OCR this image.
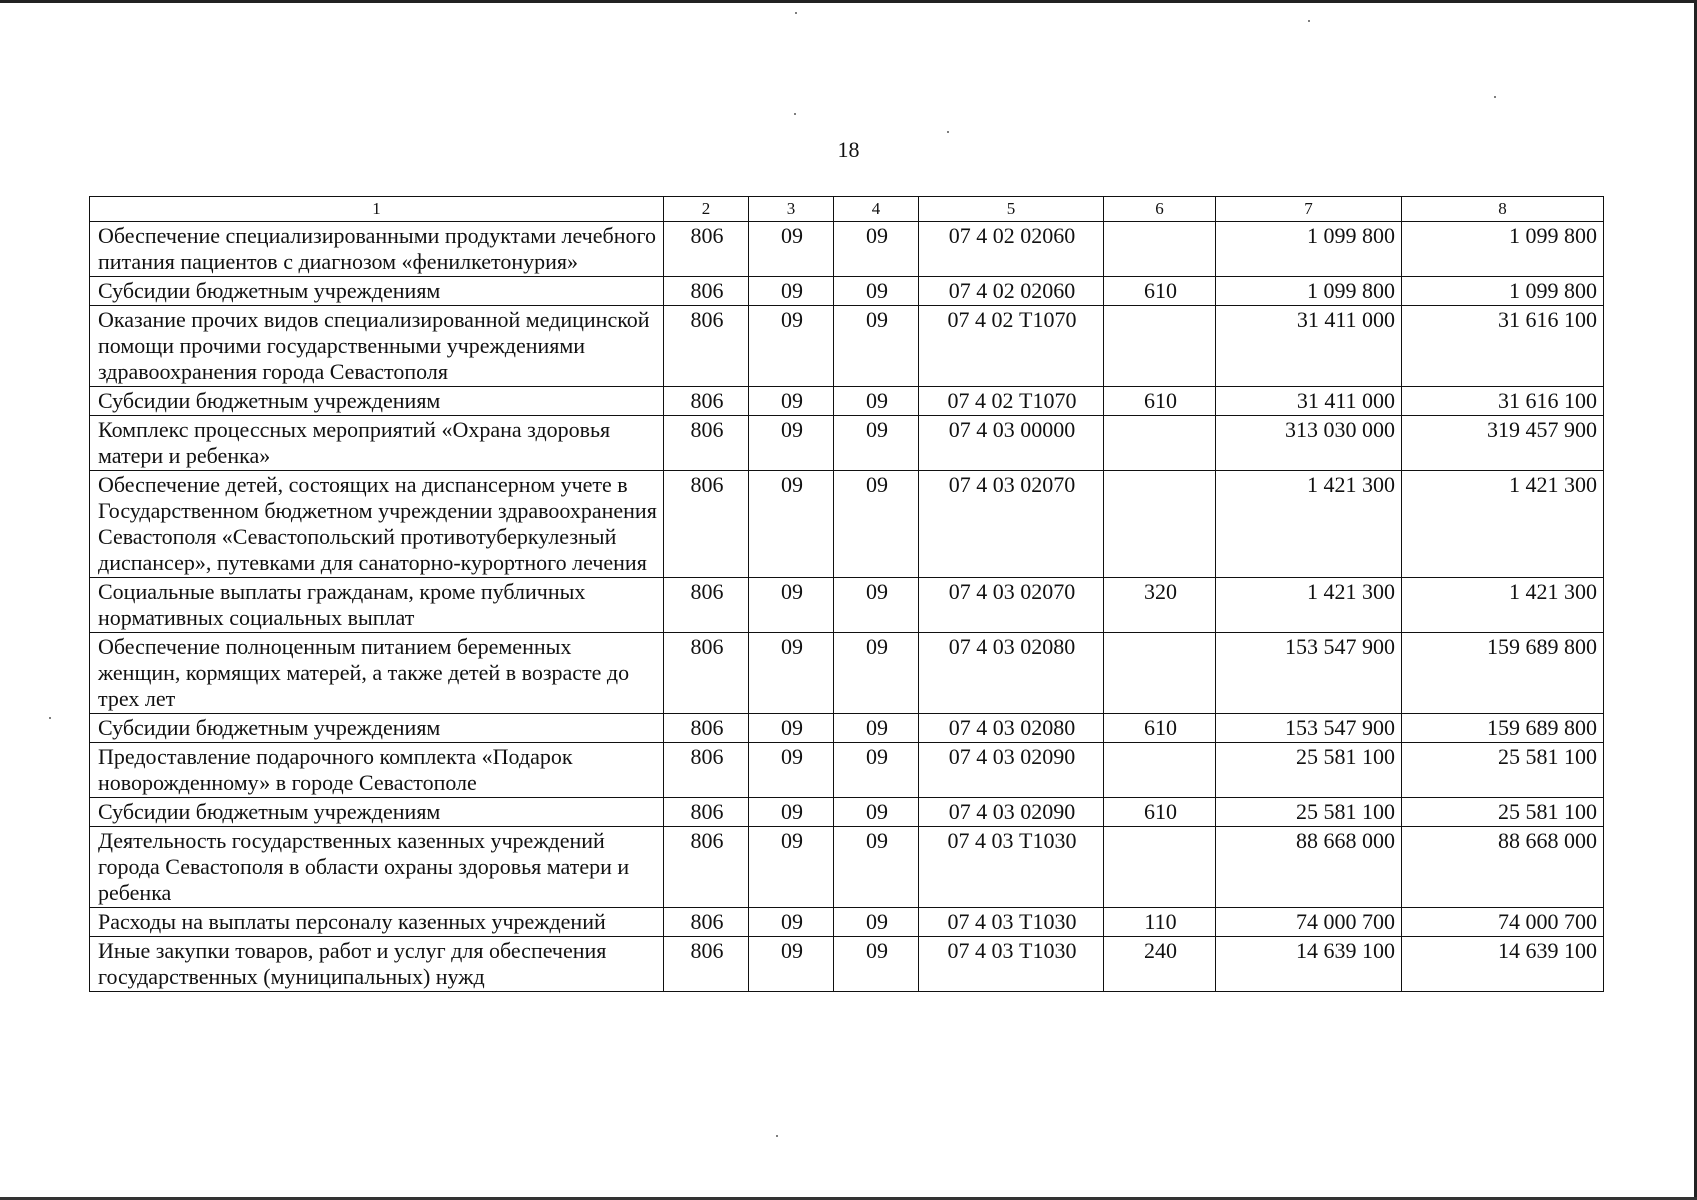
18
1	2	3	4	5	6	7	8
Обеспечение специализированными продуктами лечебного питания пациентов с диагнозом «фенилкетонурия»	806	09	09	07 4 02 02060		1 099 800	1 099 800
Субсидии бюджетным учреждениям	806	09	09	07 4 02 02060	610	1 099 800	1 099 800
Оказание прочих видов специализированной медицинской помощи прочими государственными учреждениями здравоохранения города Севастополя	806	09	09	07 4 02 Т1070		31 411 000	31 616 100
Субсидии бюджетным учреждениям	806	09	09	07 4 02 Т1070	610	31 411 000	31 616 100
Комплекс процессных мероприятий «Охрана здоровья матери и ребенка»	806	09	09	07 4 03 00000		313 030 000	319 457 900
Обеспечение детей, состоящих на диспансерном учете в Государственном бюджетном учреждении здравоохранения Севастополя «Севастопольский противотуберкулезный диспансер», путевками для санаторно-курортного лечения	806	09	09	07 4 03 02070		1 421 300	1 421 300
Социальные выплаты гражданам, кроме публичных нормативных социальных выплат	806	09	09	07 4 03 02070	320	1 421 300	1 421 300
Обеспечение полноценным питанием беременных женщин, кормящих матерей, а также детей в возрасте до трех лет	806	09	09	07 4 03 02080		153 547 900	159 689 800
Субсидии бюджетным учреждениям	806	09	09	07 4 03 02080	610	153 547 900	159 689 800
Предоставление подарочного комплекта «Подарок новорожденному» в городе Севастополе	806	09	09	07 4 03 02090		25 581 100	25 581 100
Субсидии бюджетным учреждениям	806	09	09	07 4 03 02090	610	25 581 100	25 581 100
Деятельность государственных казенных учреждений города Севастополя в области охраны здоровья матери и ребенка	806	09	09	07 4 03 Т1030		88 668 000	88 668 000
Расходы на выплаты персоналу казенных учреждений	806	09	09	07 4 03 Т1030	110	74 000 700	74 000 700
Иные закупки товаров, работ и услуг для обеспечения государственных (муниципальных) нужд	806	09	09	07 4 03 Т1030	240	14 639 100	14 639 100
